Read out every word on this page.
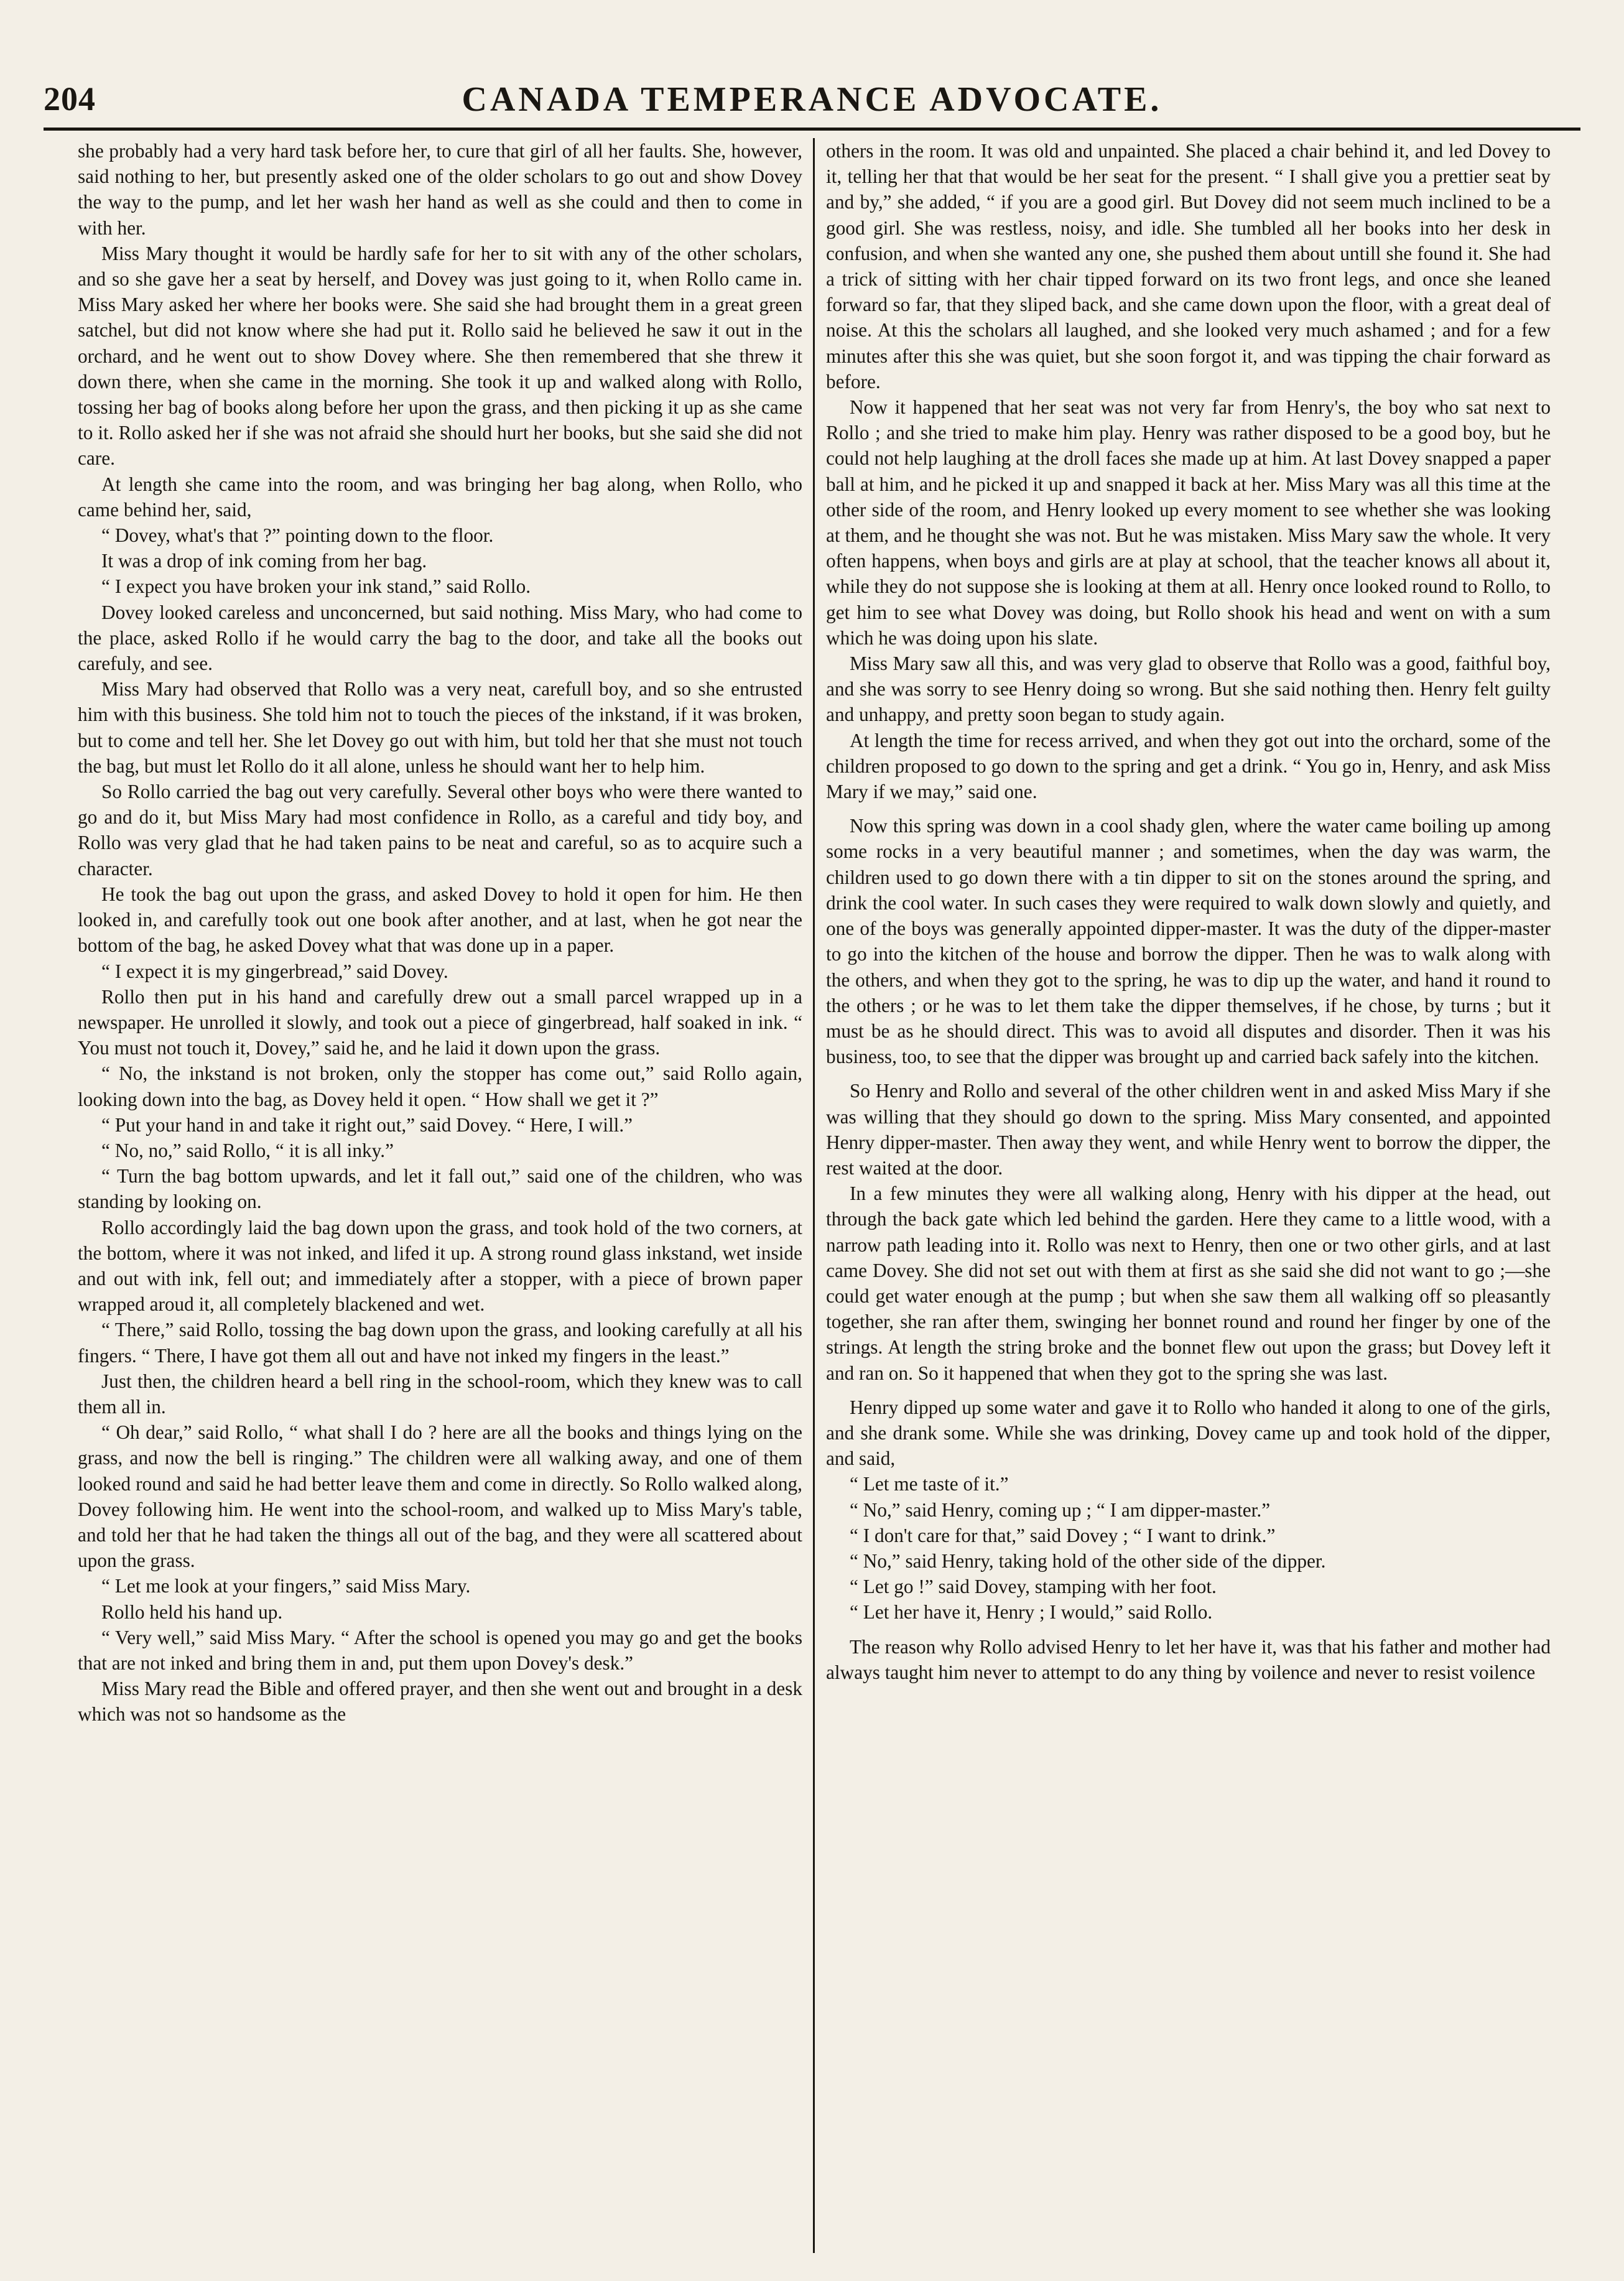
204	CANADA TEMPERANCE ADVOCATE.

she probably had a very hard task before her, to cure that girl of all her faults. She, however, said nothing to her, but presently asked one of the older scholars to go out and show Dovey the way to the pump, and let her wash her hand as well as she could and then to come in with her.

Miss Mary thought it would be hardly safe for her to sit with any of the other scholars, and so she gave her a seat by herself, and Dovey was just going to it, when Rollo came in. Miss Mary asked her where her books were. She said she had brought them in a great green satchel, but did not know where she had put it. Rollo said he believed he saw it out in the orchard, and he went out to show Dovey where. She then remembered that she threw it down there, when she came in the morning. She took it up and walked along with Rollo, tossing her bag of books along before her upon the grass, and then picking it up as she came to it. Rollo asked her if she was not afraid she should hurt her books, but she said she did not care.

At length she came into the room, and was bringing her bag along, when Rollo, who came behind her, said,

“ Dovey, what's that ?” pointing down to the floor.

It was a drop of ink coming from her bag.

“ I expect you have broken your ink stand,” said Rollo.

Dovey looked careless and unconcerned, but said nothing. Miss Mary, who had come to the place, asked Rollo if he would carry the bag to the door, and take all the books out carefuly, and see.

Miss Mary had observed that Rollo was a very neat, carefull boy, and so she entrusted him with this business. She told him not to touch the pieces of the inkstand, if it was broken, but to come and tell her. She let Dovey go out with him, but told her that she must not touch the bag, but must let Rollo do it all alone, unless he should want her to help him.

So Rollo carried the bag out very carefully. Several other boys who were there wanted to go and do it, but Miss Mary had most confidence in Rollo, as a careful and tidy boy, and Rollo was very glad that he had taken pains to be neat and careful, so as to acquire such a character.

He took the bag out upon the grass, and asked Dovey to hold it open for him. He then looked in, and carefully took out one book after another, and at last, when he got near the bottom of the bag, he asked Dovey what that was done up in a paper.

“ I expect it is my gingerbread,” said Dovey.

Rollo then put in his hand and carefully drew out a small parcel wrapped up in a newspaper. He unrolled it slowly, and took out a piece of gingerbread, half soaked in ink. “ You must not touch it, Dovey,” said he, and he laid it down upon the grass.

“ No, the inkstand is not broken, only the stopper has come out,” said Rollo again, looking down into the bag, as Dovey held it open. “ How shall we get it ?”

“ Put your hand in and take it right out,” said Dovey. “ Here, I will.”

“ No, no,” said Rollo, “ it is all inky.”

“ Turn the bag bottom upwards, and let it fall out,” said one of the children, who was standing by looking on.

Rollo accordingly laid the bag down upon the grass, and took hold of the two corners, at the bottom, where it was not inked, and lifed it up. A strong round glass inkstand, wet inside and out with ink, fell out; and immediately after a stopper, with a piece of brown paper wrapped aroud it, all completely blackened and wet.

“ There,” said Rollo, tossing the bag down upon the grass, and looking carefully at all his fingers. “ There, I have got them all out and have not inked my fingers in the least.”

Just then, the children heard a bell ring in the school-room, which they knew was to call them all in.

“ Oh dear,” said Rollo, “ what shall I do ? here are all the books and things lying on the grass, and now the bell is ringing.” The children were all walking away, and one of them looked round and said he had better leave them and come in directly. So Rollo walked along, Dovey following him. He went into the school-room, and walked up to Miss Mary's table, and told her that he had taken the things all out of the bag, and they were all scattered about upon the grass.

“ Let me look at your fingers,” said Miss Mary.

Rollo held his hand up.

“ Very well,” said Miss Mary. “ After the school is opened you may go and get the books that are not inked and bring them in and, put them upon Dovey's desk.”

Miss Mary read the Bible and offered prayer, and then she went out and brought in a desk which was not so handsome as the

others in the room. It was old and unpainted. She placed a chair behind it, and led Dovey to it, telling her that that would be her seat for the present. “ I shall give you a prettier seat by and by,” she added, “ if you are a good girl. But Dovey did not seem much inclined to be a good girl. She was restless, noisy, and idle. She tumbled all her books into her desk in confusion, and when she wanted any one, she pushed them about untill she found it. She had a trick of sitting with her chair tipped forward on its two front legs, and once she leaned forward so far, that they sliped back, and she came down upon the floor, with a great deal of noise. At this the scholars all laughed, and she looked very much ashamed ; and for a few minutes after this she was quiet, but she soon forgot it, and was tipping the chair forward as before.

Now it happened that her seat was not very far from Henry's, the boy who sat next to Rollo ; and she tried to make him play. Henry was rather disposed to be a good boy, but he could not help laughing at the droll faces she made up at him. At last Dovey snapped a paper ball at him, and he picked it up and snapped it back at her. Miss Mary was all this time at the other side of the room, and Henry looked up every moment to see whether she was looking at them, and he thought she was not. But he was mistaken. Miss Mary saw the whole. It very often happens, when boys and girls are at play at school, that the teacher knows all about it, while they do not suppose she is looking at them at all. Henry once looked round to Rollo, to get him to see what Dovey was doing, but Rollo shook his head and went on with a sum which he was doing upon his slate.

Miss Mary saw all this, and was very glad to observe that Rollo was a good, faithful boy, and she was sorry to see Henry doing so wrong. But she said nothing then. Henry felt guilty and unhappy, and pretty soon began to study again.

At length the time for recess arrived, and when they got out into the orchard, some of the children proposed to go down to the spring and get a drink. “ You go in, Henry, and ask Miss Mary if we may,” said one.

Now this spring was down in a cool shady glen, where the water came boiling up among some rocks in a very beautiful manner ; and sometimes, when the day was warm, the children used to go down there with a tin dipper to sit on the stones around the spring, and drink the cool water. In such cases they were required to walk down slowly and quietly, and one of the boys was generally appointed dipper-master. It was the duty of the dipper-master to go into the kitchen of the house and borrow the dipper. Then he was to walk along with the others, and when they got to the spring, he was to dip up the water, and hand it round to the others ; or he was to let them take the dipper themselves, if he chose, by turns ; but it must be as he should direct. This was to avoid all disputes and disorder. Then it was his business, too, to see that the dipper was brought up and carried back safely into the kitchen.

So Henry and Rollo and several of the other children went in and asked Miss Mary if she was willing that they should go down to the spring. Miss Mary consented, and appointed Henry dipper-master. Then away they went, and while Henry went to borrow the dipper, the rest waited at the door.

In a few minutes they were all walking along, Henry with his dipper at the head, out through the back gate which led behind the garden. Here they came to a little wood, with a narrow path leading into it. Rollo was next to Henry, then one or two other girls, and at last came Dovey. She did not set out with them at first as she said she did not want to go ;—she could get water enough at the pump ; but when she saw them all walking off so pleasantly together, she ran after them, swinging her bonnet round and round her finger by one of the strings. At length the string broke and the bonnet flew out upon the grass; but Dovey left it and ran on. So it happened that when they got to the spring she was last.

Henry dipped up some water and gave it to Rollo who handed it along to one of the girls, and she drank some. While she was drinking, Dovey came up and took hold of the dipper, and said,

“ Let me taste of it.”

“ No,” said Henry, coming up ; “ I am dipper-master.”

“ I don't care for that,” said Dovey ; “ I want to drink.”

“ No,” said Henry, taking hold of the other side of the dipper.

“ Let go !” said Dovey, stamping with her foot.

“ Let her have it, Henry ; I would,” said Rollo.

The reason why Rollo advised Henry to let her have it, was that his father and mother had always taught him never to attempt to do any thing by voilence and never to resist voilence
